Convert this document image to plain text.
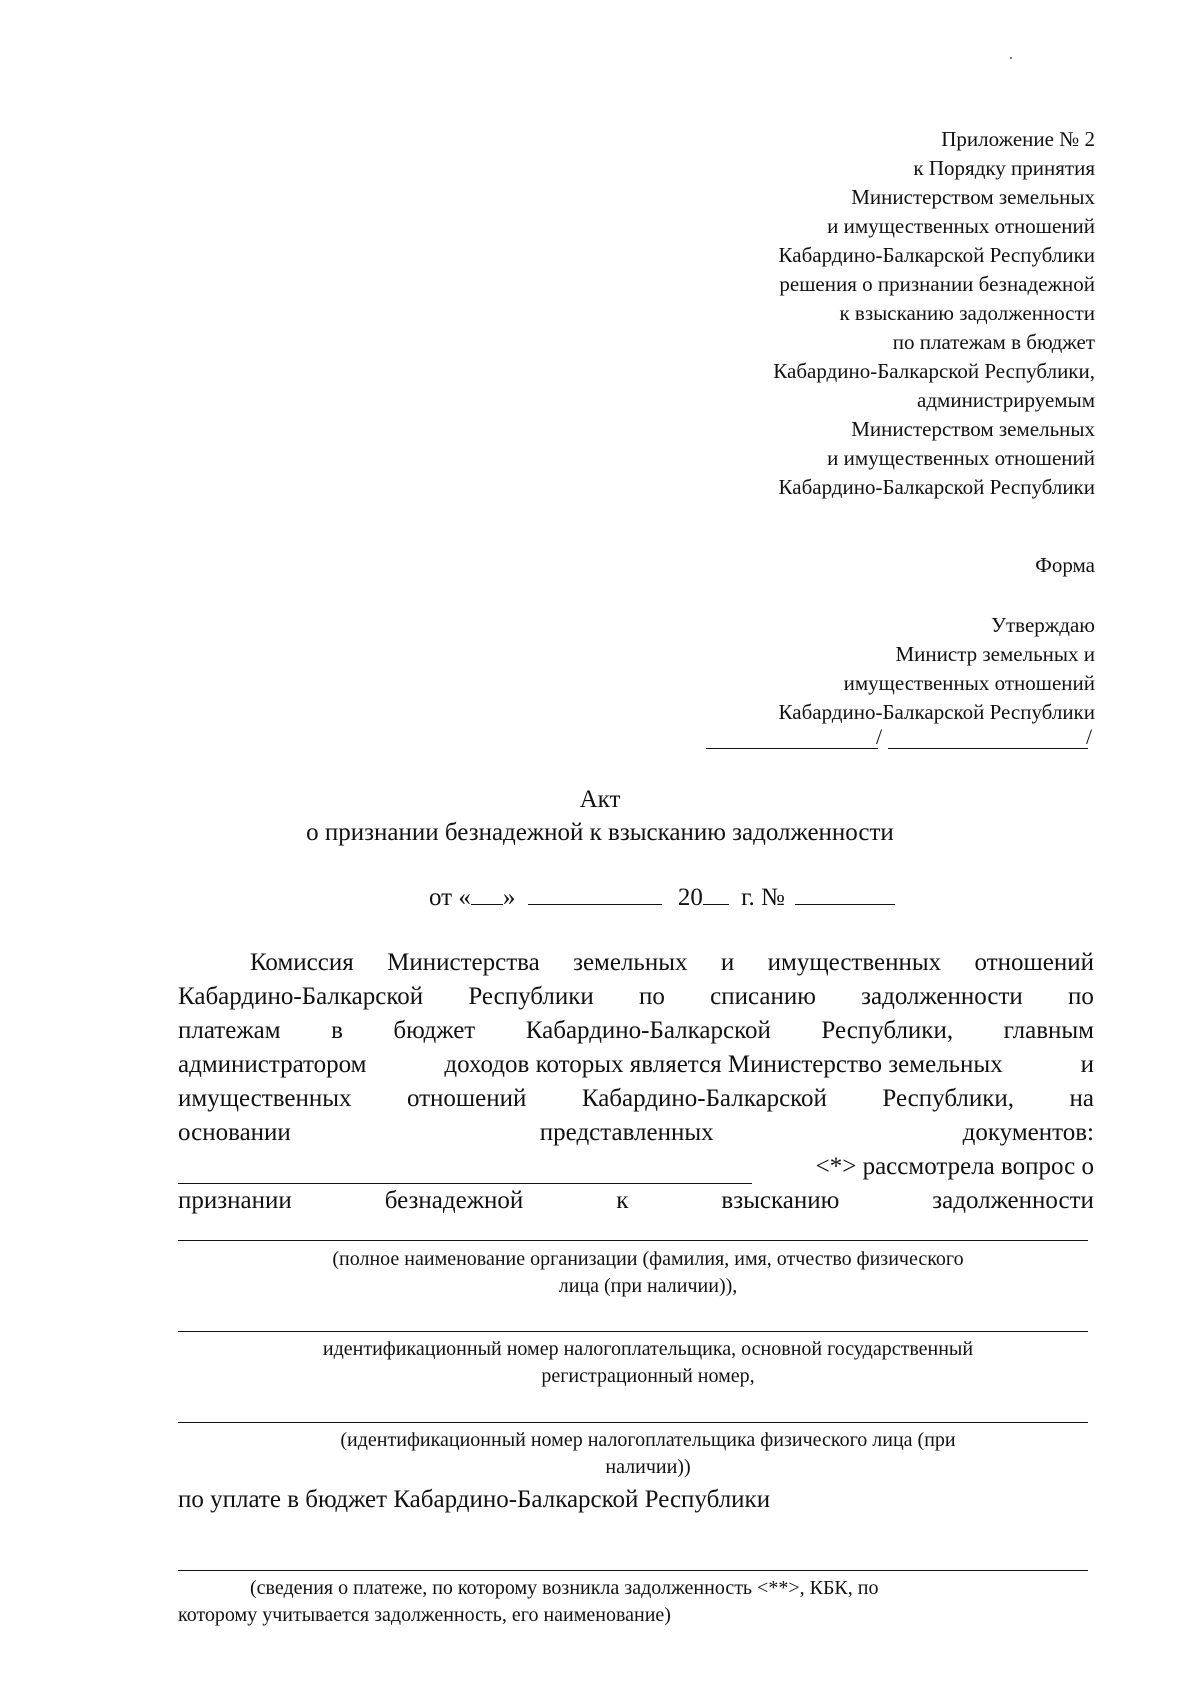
Приложение № 2
к Порядку принятия
Министерством земельных
и имущественных отношений
Кабардино-Балкарской Республики
решения о признании безнадежной
к взысканию задолженности
по платежам в бюджет
Кабардино-Балкарской Республики,
администрируемым
Министерством земельных
и имущественных отношений
Кабардино-Балкарской Республики
Форма
Утверждаю
Министр земельных и
имущественных отношений
Кабардино-Балкарской Республики
/	/
Акт
о признании безнадежной к взысканию задолженности
от « »	20 г. №
Комиссия Министерства земельных и имущественных отношений
Кабардино-Балкарской Республики по списанию задолженности по
платежам в бюджет Кабардино-Балкарской Республики, главным
администратором	доходов которых является Министерство земельных	и
имущественных отношений Кабардино-Балкарской Республики, на
основании	представленных	документов:
<*> рассмотрела вопрос о
признании	безнадежной	к	взысканию	задолженности
(полное наименование организации (фамилия, имя, отчество физического
лица (при наличии)),
идентификационный номер налогоплательщика, основной государственный
регистрационный номер,
(идентификационный номер налогоплательщика физического лица (при
наличии))
по уплате в бюджет Кабардино-Балкарской Республики
(сведения о платеже, по которому возникла задолженность <**>, КБК, по
которому учитывается задолженность, его наименование)
